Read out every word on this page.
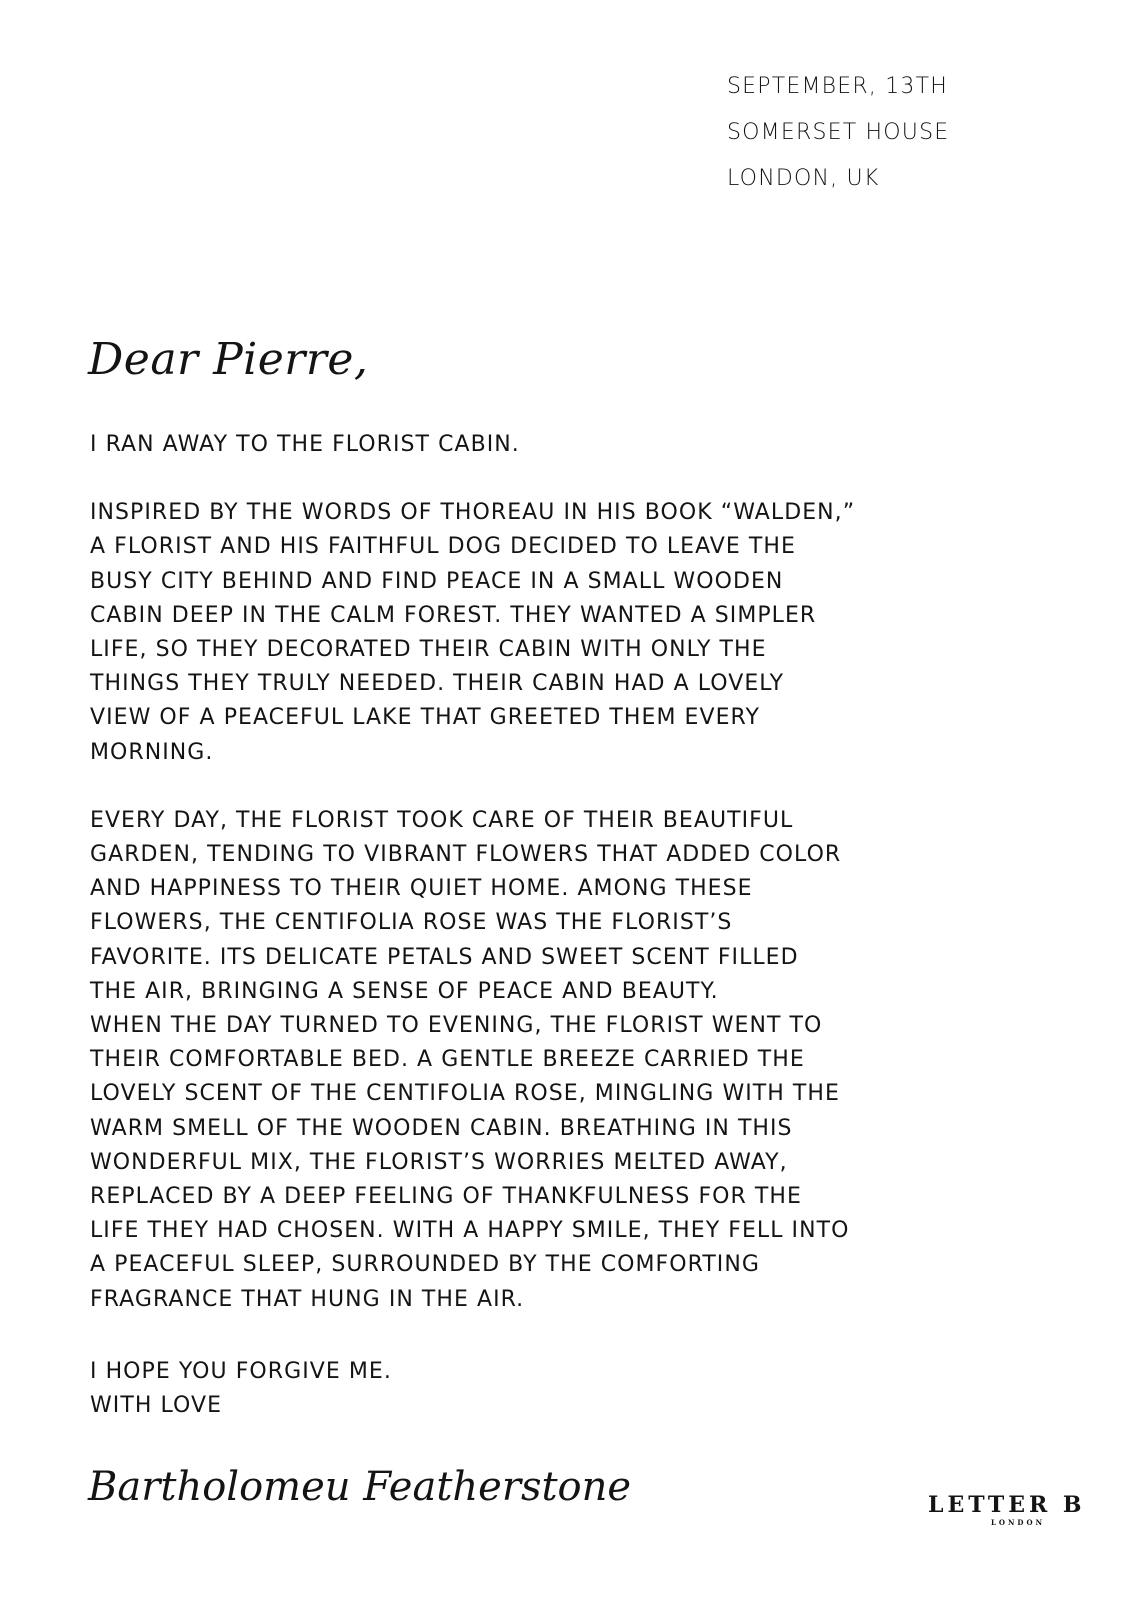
SEPTEMBER, 13TH
SOMERSET HOUSE
LONDON, UK
Dear Pierre,

I RAN AWAY TO THE FLORIST CABIN.

INSPIRED BY THE WORDS OF THOREAU IN HIS BOOK “WALDEN,”
A FLORIST AND HIS FAITHFUL DOG DECIDED TO LEAVE THE
BUSY CITY BEHIND AND FIND PEACE IN A SMALL WOODEN
CABIN DEEP IN THE CALM FOREST. THEY WANTED A SIMPLER
LIFE, SO THEY DECORATED THEIR CABIN WITH ONLY THE
THINGS THEY TRULY NEEDED. THEIR CABIN HAD A LOVELY
VIEW OF A PEACEFUL LAKE THAT GREETED THEM EVERY
MORNING.

EVERY DAY, THE FLORIST TOOK CARE OF THEIR BEAUTIFUL
GARDEN, TENDING TO VIBRANT FLOWERS THAT ADDED COLOR
AND HAPPINESS TO THEIR QUIET HOME. AMONG THESE
FLOWERS, THE CENTIFOLIA ROSE WAS THE FLORIST’S
FAVORITE. ITS DELICATE PETALS AND SWEET SCENT FILLED
THE AIR, BRINGING A SENSE OF PEACE AND BEAUTY.
WHEN THE DAY TURNED TO EVENING, THE FLORIST WENT TO
THEIR COMFORTABLE BED. A GENTLE BREEZE CARRIED THE
LOVELY SCENT OF THE CENTIFOLIA ROSE, MINGLING WITH THE
WARM SMELL OF THE WOODEN CABIN. BREATHING IN THIS
WONDERFUL MIX, THE FLORIST’S WORRIES MELTED AWAY,
REPLACED BY A DEEP FEELING OF THANKFULNESS FOR THE
LIFE THEY HAD CHOSEN. WITH A HAPPY SMILE, THEY FELL INTO
A PEACEFUL SLEEP, SURROUNDED BY THE COMFORTING
FRAGRANCE THAT HUNG IN THE AIR.

I HOPE YOU FORGIVE ME.
WITH LOVE
Bartholomeu Featherstone	LETTER B
LONDON
